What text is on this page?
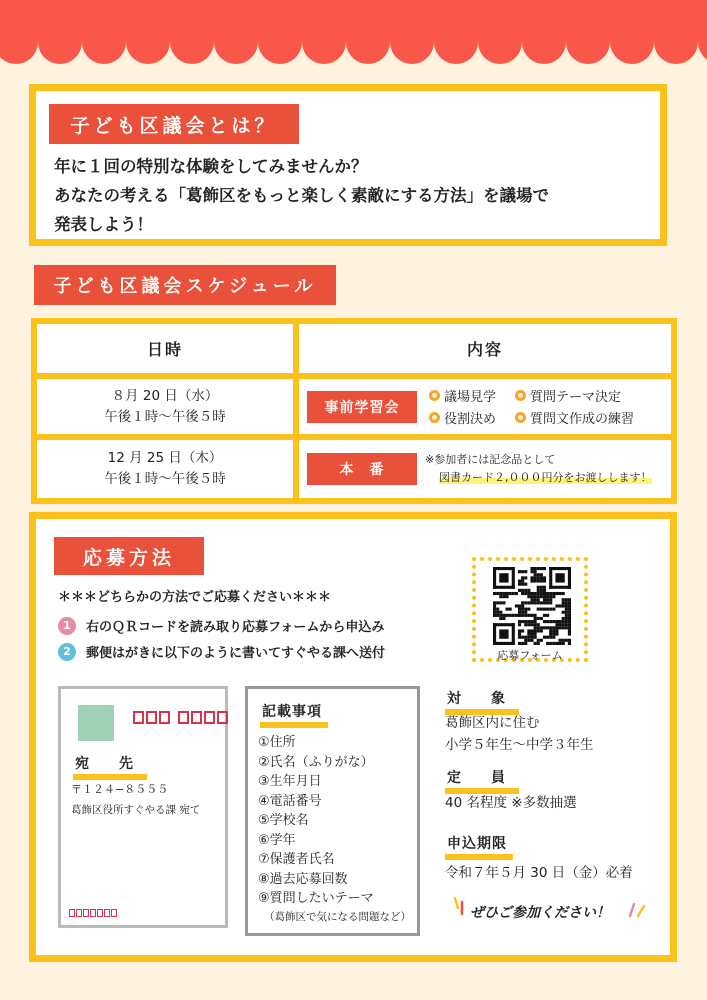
子ども区議会とは？
年に１回の特別な体験をしてみませんか？
あなたの考える「葛飾区をもっと楽しく素敵にする方法」を議場で
発表しよう！
子ども区議会スケジュール
日時	内容
８月 20 日（水）
午後１時〜午後５時
事前学習会
議場見学	質問テーマ決定
役割決め	質問文作成の練習
12 月 25 日（木）
午後１時〜午後５時
本　番
※参加者には記念品として
図書カード２,０００円分をお渡しします！
応募方法
＊＊＊どちらかの方法でご応募ください＊＊＊
1	右のＱＲコードを読み取り応募フォームから申込み
2	郵便はがきに以下のように書いてすぐやる課へ送付	応募フォーム
宛　先
〒１２４−８５５５
葛飾区役所すぐやる課 宛て
記載事項
①住所
②氏名（ふりがな）
③生年月日
④電話番号
⑤学校名
⑥学年
⑦保護者氏名
⑧過去応募回数
⑨質問したいテーマ
（葛飾区で気になる問題など）
対　象
葛飾区内に住む
小学５年生〜中学３年生
定　員
40 名程度 ※多数抽選
申込期限
令和７年５月 30 日（金）必着
ぜひご参加ください！
